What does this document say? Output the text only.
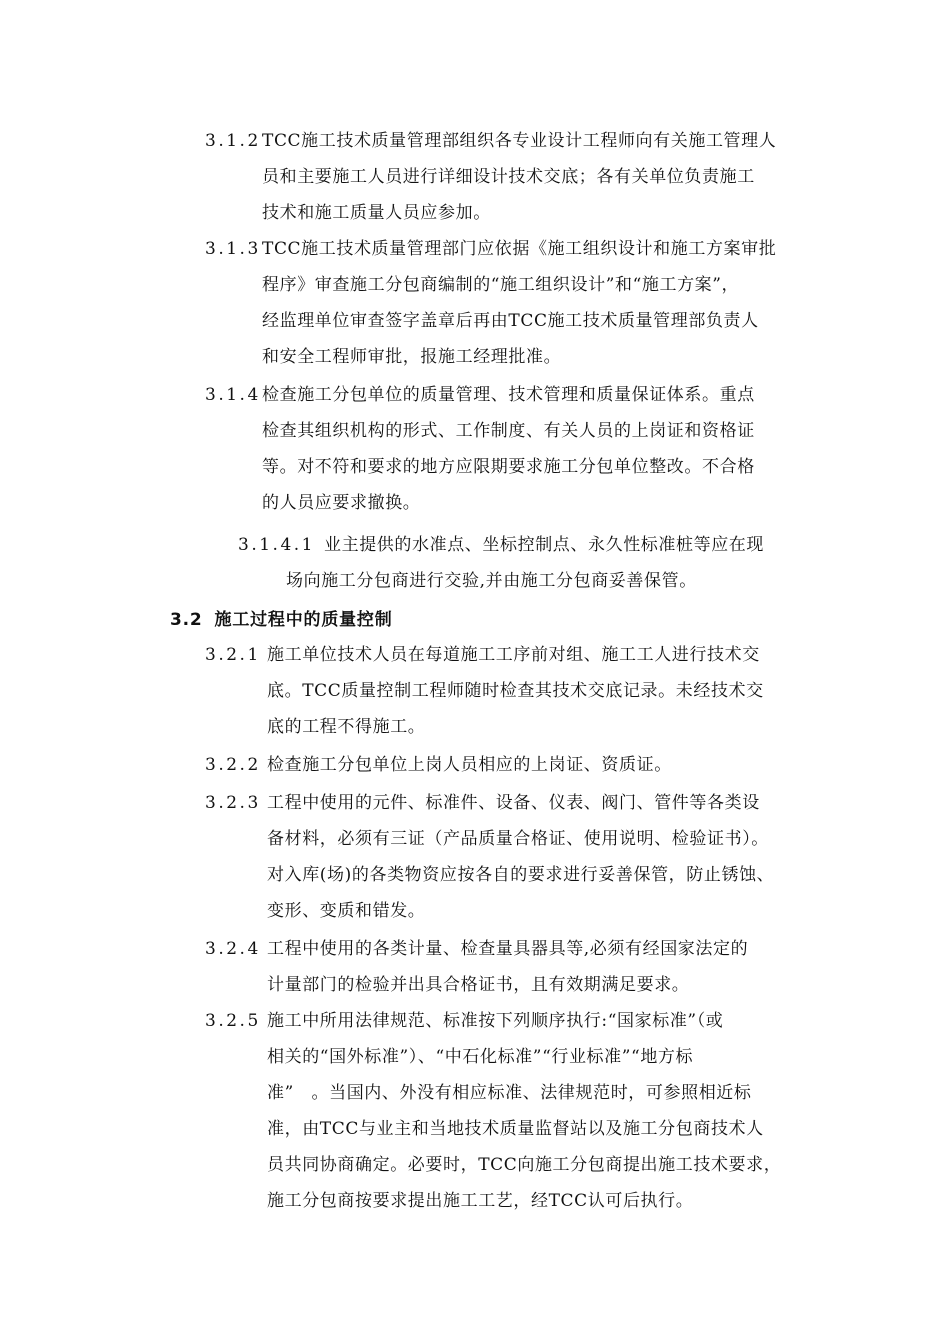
3.1.2 TCC施工技术质量管理部组织各专业设计工程师向有关施工管理人
员和主要施工人员进行详细设计技术交底；各有关单位负责施工
技术和施工质量人员应参加。
3.1.3 TCC施工技术质量管理部门应依据《施工组织设计和施工方案审批
程序》审查施工分包商编制的“施工组织设计”和“施工方案”，
经监理单位审查签字盖章后再由TCC施工技术质量管理部负责人
和安全工程师审批，报施工经理批准。
3.1.4 检查施工分包单位的质量管理、技术管理和质量保证体系。重点
检查其组织机构的形式、工作制度、有关人员的上岗证和资格证
等。对不符和要求的地方应限期要求施工分包单位整改。不合格
的人员应要求撤换。
3.1.4.1 业主提供的水准点、坐标控制点、永久性标准桩等应在现
场向施工分包商进行交验,并由施工分包商妥善保管。
3.2 施工过程中的质量控制
3.2.1 施工单位技术人员在每道施工工序前对组、施工工人进行技术交
底。TCC质量控制工程师随时检查其技术交底记录。未经技术交
底的工程不得施工。
3.2.2 检查施工分包单位上岗人员相应的上岗证、资质证。
3.2.3 工程中使用的元件、标准件、设备、仪表、阀门、管件等各类设
备材料，必须有三证（产品质量合格证、使用说明、检验证书）。
对入库(场)的各类物资应按各自的要求进行妥善保管，防止锈蚀、
变形、变质和错发。
3.2.4 工程中使用的各类计量、检查量具器具等,必须有经国家法定的
计量部门的检验并出具合格证书，且有效期满足要求。
3.2.5 施工中所用法律规范、标准按下列顺序执行:“国家标准”（或
相关的“国外标准”）、“中石化标准”“行业标准”“地方标
准”　。当国内、外没有相应标准、法律规范时，可参照相近标
准，由TCC与业主和当地技术质量监督站以及施工分包商技术人
员共同协商确定。必要时，TCC向施工分包商提出施工技术要求，
施工分包商按要求提出施工工艺，经TCC认可后执行。
